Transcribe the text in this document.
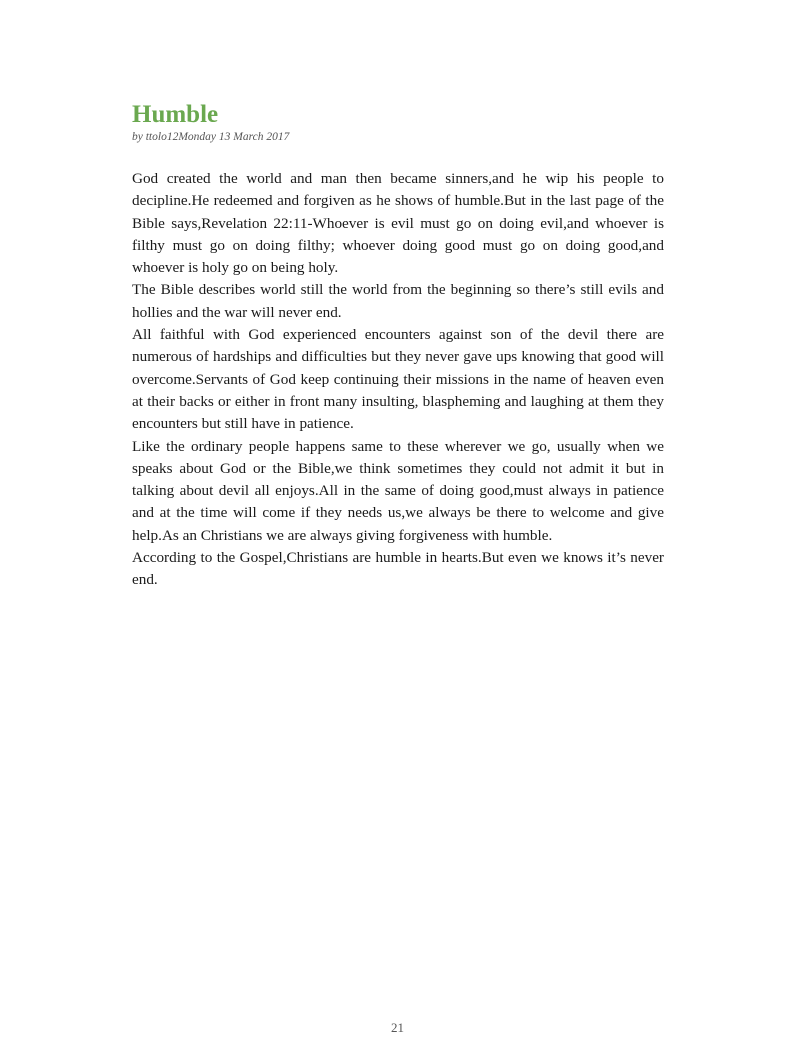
Humble

by ttolo12Monday 13 March 2017

God created the world and man then became sinners,and he wip his people to decipline.He redeemed and forgiven as he shows of humble.But in the last page of the Bible says,Revelation 22:11-Whoever is evil must go on doing evil,and whoever is filthy must go on doing filthy; whoever doing good must go on doing good,and whoever is holy go on being holy.

The Bible describes world still the world from the beginning so there’s still evils and hollies and the war will never end.

All faithful with God experienced encounters against son of the devil there are numerous of hardships and difficulties but they never gave ups knowing that good will overcome.Servants of God keep continuing their missions in the name of heaven even at their backs or either in front many insulting, blaspheming and laughing at them they encounters but still have in patience.

Like the ordinary people happens same to these wherever we go, usually when we speaks about God or the Bible,we think sometimes they could not admit it but in talking about devil all enjoys.All in the same of doing good,must always in patience and at the time will come if they needs us,we always be there to welcome and give help.As an Christians we are always giving forgiveness with humble.

According to the Gospel,Christians are humble in hearts.But even we knows it’s never end.

21
